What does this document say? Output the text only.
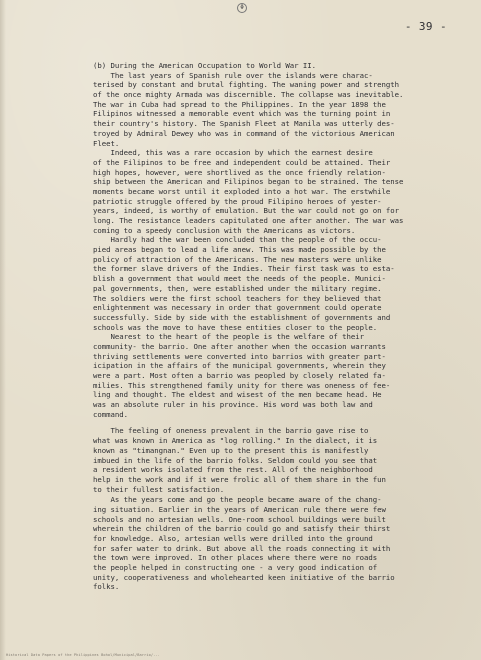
Φ
- 39 -
(b) During the American Occupation to World War II.
The last years of Spanish rule over the islands were charac-
terised by constant and brutal fighting. The waning power and strength
of the once mighty Armada was discernible. The collapse was inevitable.
The war in Cuba had spread to the Philippines. In the year 1898 the
Filipinos witnessed a memorable event which was the turning point in
their country's history. The Spanish Fleet at Manila was utterly des-
troyed by Admiral Dewey who was in command of the victorious American
Fleet.
Indeed, this was a rare occasion by which the earnest desire
of the Filipinos to be free and independent could be attained. Their
high hopes, however, were shortlived as the once friendly relation-
ship between the American and Filipinos began to be strained. The tense
moments became worst until it exploded into a hot war. The erstwhile
patriotic struggle offered by the proud Filipino heroes of yester-
years, indeed, is worthy of emulation. But the war could not go on for
long. The resistance leaders capitulated one after another. The war was
coming to a speedy conclusion with the Americans as victors.
Hardly had the war been concluded than the people of the occu-
pied areas began to lead a life anew. This was made possible by the
policy of attraction of the Americans. The new masters were unlike
the former slave drivers of the Indies. Their first task was to esta-
blish a government that would meet the needs of the people. Munici-
pal governments, then, were established under the military regime.
The soldiers were the first school teachers for they believed that
enlightenment was necessary in order that government could operate
successfully. Side by side with the establishment of governments and
schools was the move to have these entities closer to the people.
Nearest to the heart of the people is the welfare of their
community- the barrio. One after another when the occasion warrants
thriving settlements were converted into barrios with greater part-
icipation in the affairs of the municipal governments, wherein they
were a part. Most often a barrio was peopled by closely related fa-
milies. This strengthened family unity for there was oneness of fee-
ling and thought. The eldest and wisest of the men became head. He
was an absolute ruler in his province. His word was both law and
command.
The feeling of oneness prevalent in the barrio gave rise to
what was known in America as "log rolling." In the dialect, it is
known as "timangnan." Even up to the present this is manifestly
imbued in the life of the barrio folks. Seldom could you see that
a resident works isolated from the rest. All of the neighborhood
help in the work and if it were frolic all of them share in the fun
to their fullest satisfaction.
As the years come and go the people became aware of the chang-
ing situation. Earlier in the years of American rule there were few
schools and no artesian wells. One-room school buildings were built
wherein the children of the barrio could go and satisfy their thirst
for knowledge. Also, artesian wells were drilled into the ground
for safer water to drink. But above all the roads connecting it with
the town were improved. In other places where there were no roads
the people helped in constructing one - a very good indication of
unity, cooperativeness and wholehearted keen initiative of the barrio
folks.
Historical Data Papers of the Philippines Bohol/Municipal/Barrio/...
